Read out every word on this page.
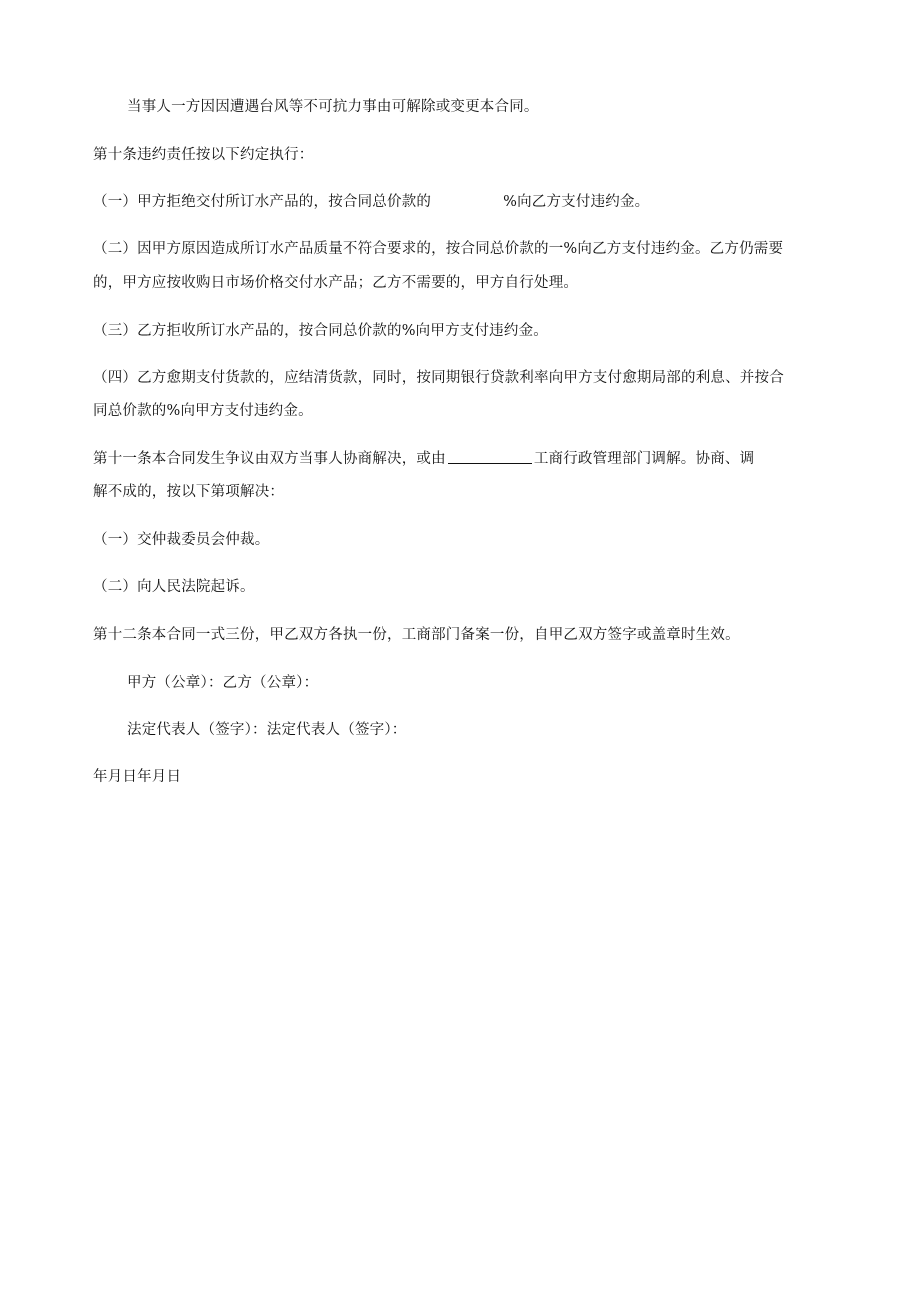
当事人一方因因遭遇台风等不可抗力事由可解除或变更本合同。
第十条违约责任按以下约定执行：
（一）甲方拒绝交付所订水产品的，按合同总价款的	%向乙方支付违约金。
（二）因甲方原因造成所订水产品质量不符合要求的，按合同总价款的一%向乙方支付违约金。乙方仍需要
的，甲方应按收购日市场价格交付水产品；乙方不需要的，甲方自行处理。
（三）乙方拒收所订水产品的，按合同总价款的%向甲方支付违约金。
（四）乙方愈期支付货款的，应结清货款，同时，按同期银行贷款利率向甲方支付愈期局部的利息、并按合
同总价款的%向甲方支付违约金。
第十一条本合同发生争议由双方当事人协商解决，或由	工商行政管理部门调解。协商、调
解不成的，按以下第项解决：
（一）交仲裁委员会仲裁。
（二）向人民法院起诉。
第十二条本合同一式三份，甲乙双方各执一份，工商部门备案一份，自甲乙双方签字或盖章时生效。
甲方（公章）：乙方（公章）：
法定代表人（签字）：法定代表人（签字）：
年月日年月日
